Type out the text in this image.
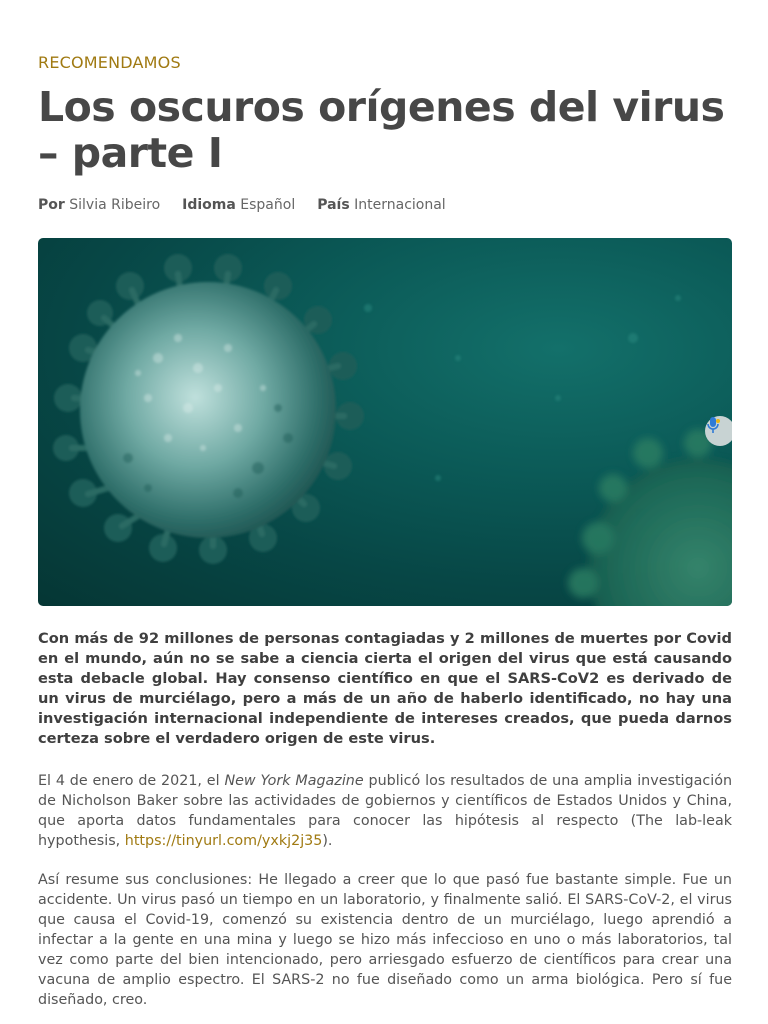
RECOMENDAMOS
Los oscuros orígenes del virus – parte I
Por Silvia Ribeiro Idioma Español País Internacional

Con más de 92 millones de personas contagiadas y 2 millones de muertes por Covid en el mundo, aún no se sabe a ciencia cierta el origen del virus que está causando esta debacle global. Hay consenso científico en que el SARS-CoV2 es derivado de un virus de murciélago, pero a más de un año de haberlo identificado, no hay una investigación internacional independiente de intereses creados, que pueda darnos certeza sobre el verdadero origen de este virus.

El 4 de enero de 2021, el New York Magazine publicó los resultados de una amplia investigación de Nicholson Baker sobre las actividades de gobiernos y científicos de Estados Unidos y China, que aporta datos fundamentales para conocer las hipótesis al respecto (The lab-leak hypothesis, https://tinyurl.com/yxkj2j35).

Así resume sus conclusiones: He llegado a creer que lo que pasó fue bastante simple. Fue un accidente. Un virus pasó un tiempo en un laboratorio, y finalmente salió. El SARS-CoV-2, el virus que causa el Covid-19, comenzó su existencia dentro de un murciélago, luego aprendió a infectar a la gente en una mina y luego se hizo más infeccioso en uno o más laboratorios, tal vez como parte del bien intencionado, pero arriesgado esfuerzo de científicos para crear una vacuna de amplio espectro. El SARS-2 no fue diseñado como un arma biológica. Pero sí fue diseñado, creo.
